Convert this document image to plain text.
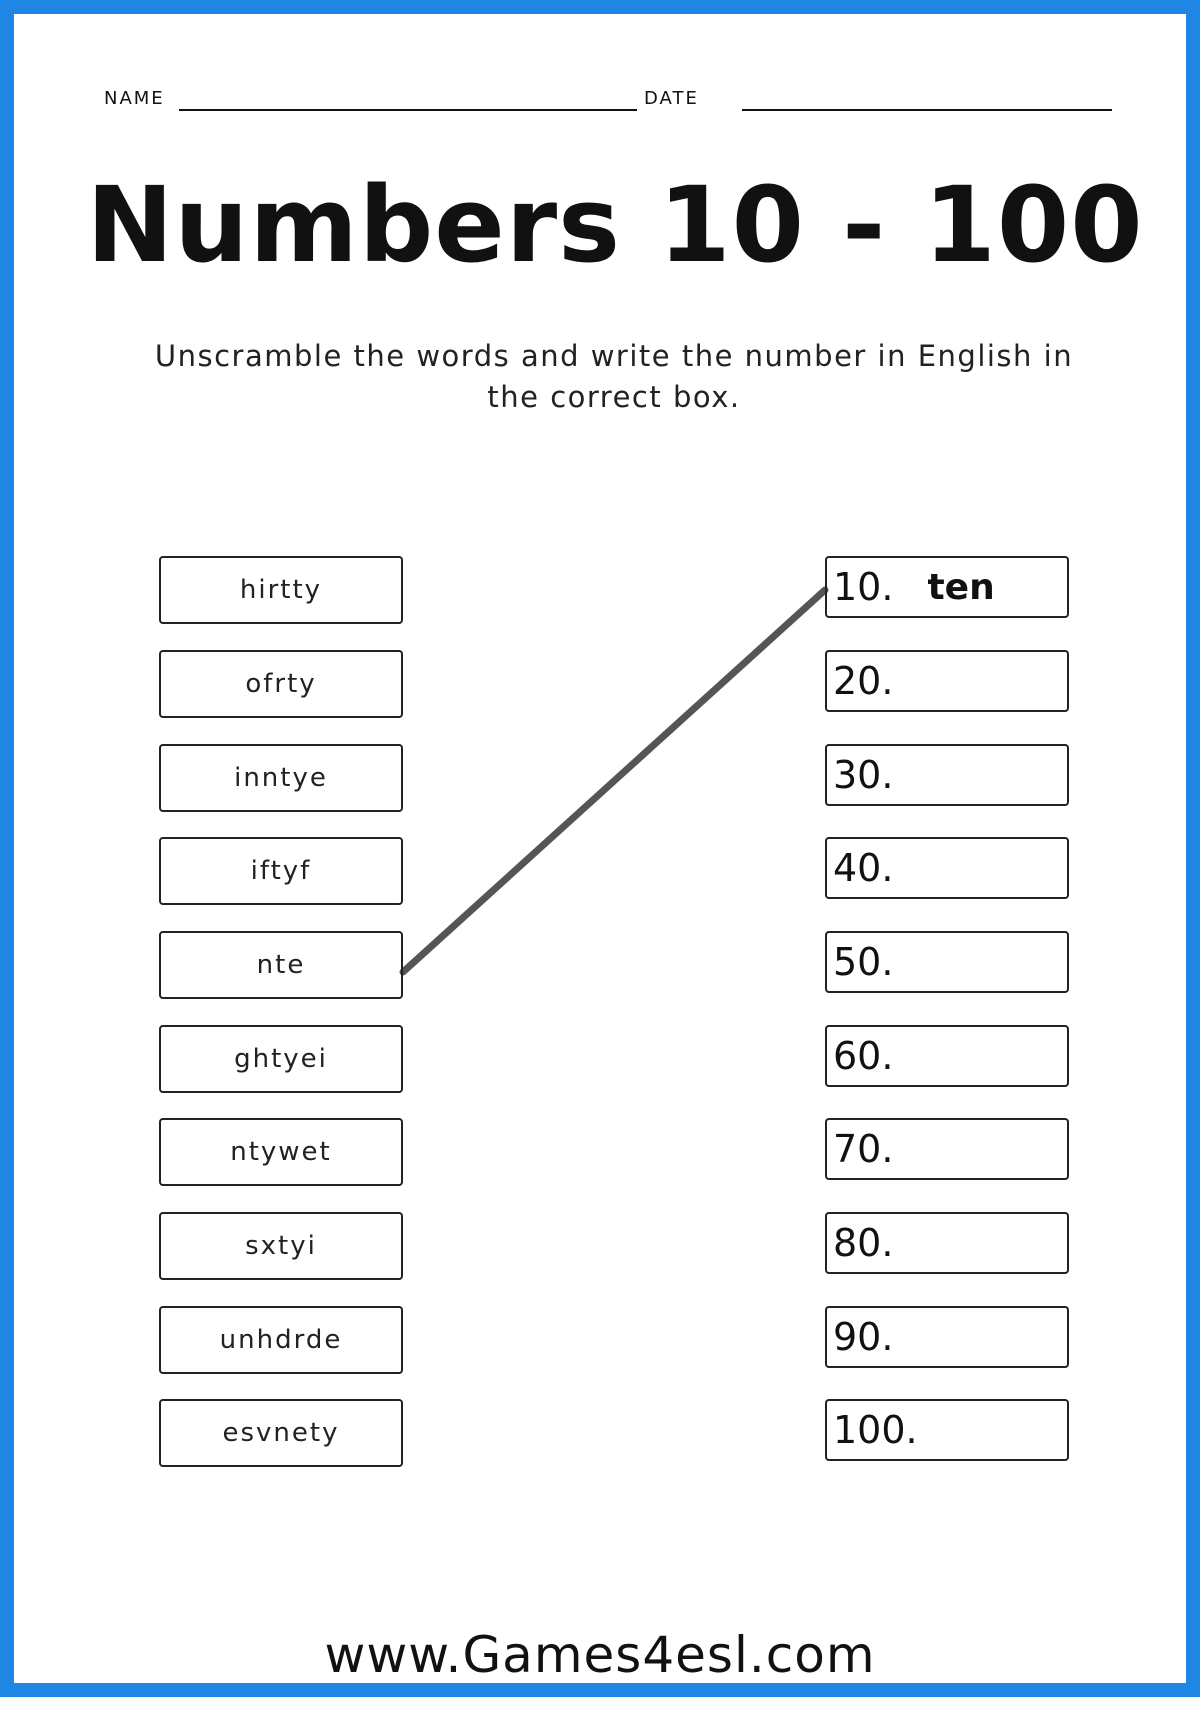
NAME	DATE
Numbers 10 - 100
Unscramble the words and write the number in English in the correct box.
hirtty
ofrty
inntye
iftyf
nte
ghtyei
ntywet
sxtyi
unhdrde
esvnety
10. ten
20.
30.
40.
50.
60.
70.
80.
90.
100.
www.Games4esl.com
